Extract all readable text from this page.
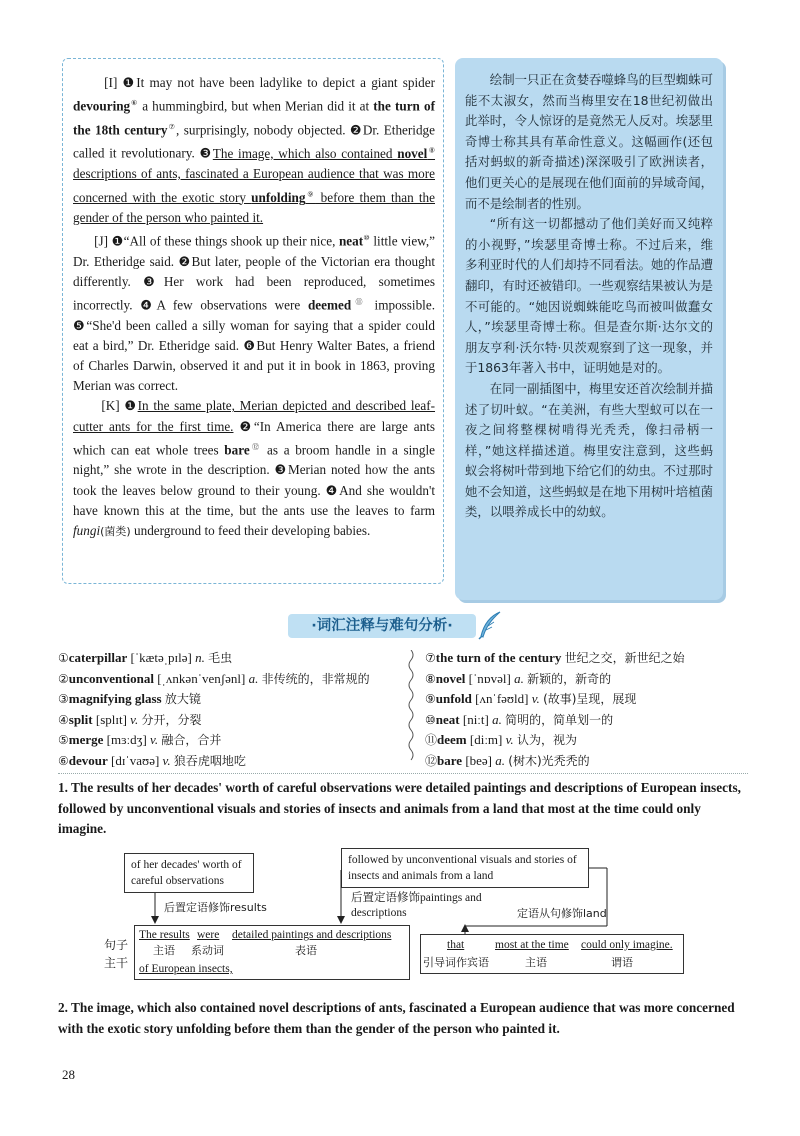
[I] ❶It may not have been ladylike to depict a giant spider devouring⑥ a hummingbird, but when Merian did it at the turn of the 18th century⑦, surprisingly, nobody objected. ❷Dr. Etheridge called it revolutionary. ❸The image, which also contained novel⑧ descriptions of ants, fascinated a European audience that was more concerned with the exotic story unfolding⑨ before them than the gender of the person who painted it.

[J] ❶“All of these things shook up their nice, neat⑩ little view,” Dr. Etheridge said. ❷But later, people of the Victorian era thought differently. ❸Her work had been reproduced, sometimes incorrectly. ❹A few observations were deemed⑪ impossible. ❺“She'd been called a silly woman for saying that a spider could eat a bird,” Dr. Etheridge said. ❻But Henry Walter Bates, a friend of Charles Darwin, observed it and put it in book in 1863, proving Merian was correct.

[K] ❶In the same plate, Merian depicted and described leaf-cutter ants for the first time. ❷“In America there are large ants which can eat whole trees bare⑫ as a broom handle in a single night,” she wrote in the description. ❸Merian noted how the ants took the leaves below ground to their young. ❹And she wouldn't have known this at the time, but the ants use the leaves to farm fungi(菌类) underground to feed their developing babies.

绘制一只正在贪婪吞噬蜂鸟的巨型蜘蛛可能不太淑女，然而当梅里安在18世纪初做出此举时，令人惊讶的是竟然无人反对。埃瑟里奇博士称其具有革命性意义。这幅画作(还包括对蚂蚁的新奇描述)深深吸引了欧洲读者，他们更关心的是展现在他们面前的异域奇闻，而不是绘制者的性别。

“所有这一切都撼动了他们美好而又纯粹的小视野，”埃瑟里奇博士称。不过后来，维多利亚时代的人们却持不同看法。她的作品遭翻印，有时还被错印。一些观察结果被认为是不可能的。“她因说蜘蛛能吃鸟而被叫做蠢女人，”埃瑟里奇博士称。但是查尔斯·达尔文的朋友亨利·沃尔特·贝茨观察到了这一现象，并于1863年著入书中，证明她是对的。

在同一副插图中，梅里安还首次绘制并描述了切叶蚁。“在美洲，有些大型蚁可以在一夜之间将整棵树啃得光秃秃，像扫帚柄一样，”她这样描述道。梅里安注意到，这些蚂蚁会将树叶带到地下给它们的幼虫。不过那时她不会知道，这些蚂蚁是在地下用树叶培植菌类，以喂养成长中的幼蚁。

·词汇注释与难句分析·
①caterpillar [ˈkætəˌpɪlə] n. 毛虫
②unconventional [ˌʌnkənˈvenʃənl] a. 非传统的，非常规的
③magnifying glass 放大镜
④split [splɪt] v. 分开，分裂
⑤merge [mɜːdʒ] v. 融合，合并
⑥devour [dɪˈvaʊə] v. 狼吞虎咽地吃
⑦the turn of the century 世纪之交，新世纪之始
⑧novel [ˈnɒvəl] a. 新颖的，新奇的
⑨unfold [ʌnˈfəʊld] v. (故事)呈现，展现
⑩neat [niːt] a. 简明的，简单划一的
⑪deem [diːm] v. 认为，视为
⑫bare [beə] a. (树木)光秃秃的
1. The results of her decades' worth of careful observations were detailed paintings and descriptions of European insects, followed by unconventional visuals and stories of insects and animals from a land that most at the time could only imagine.
of her decades' worth of careful observations
followed by unconventional visuals and stories of insects and animals from a land
后置定语修饰results
后置定语修饰paintings and descriptions	定语从句修饰land
句子主干
The results were detailed paintings and descriptions
主语 系动词	表语
of European insects,
that	most at the time could only imagine.
引导词作宾语	主语	谓语
2. The image, which also contained novel descriptions of ants, fascinated a European audience that was more concerned with the exotic story unfolding before them than the gender of the person who painted it.
28
